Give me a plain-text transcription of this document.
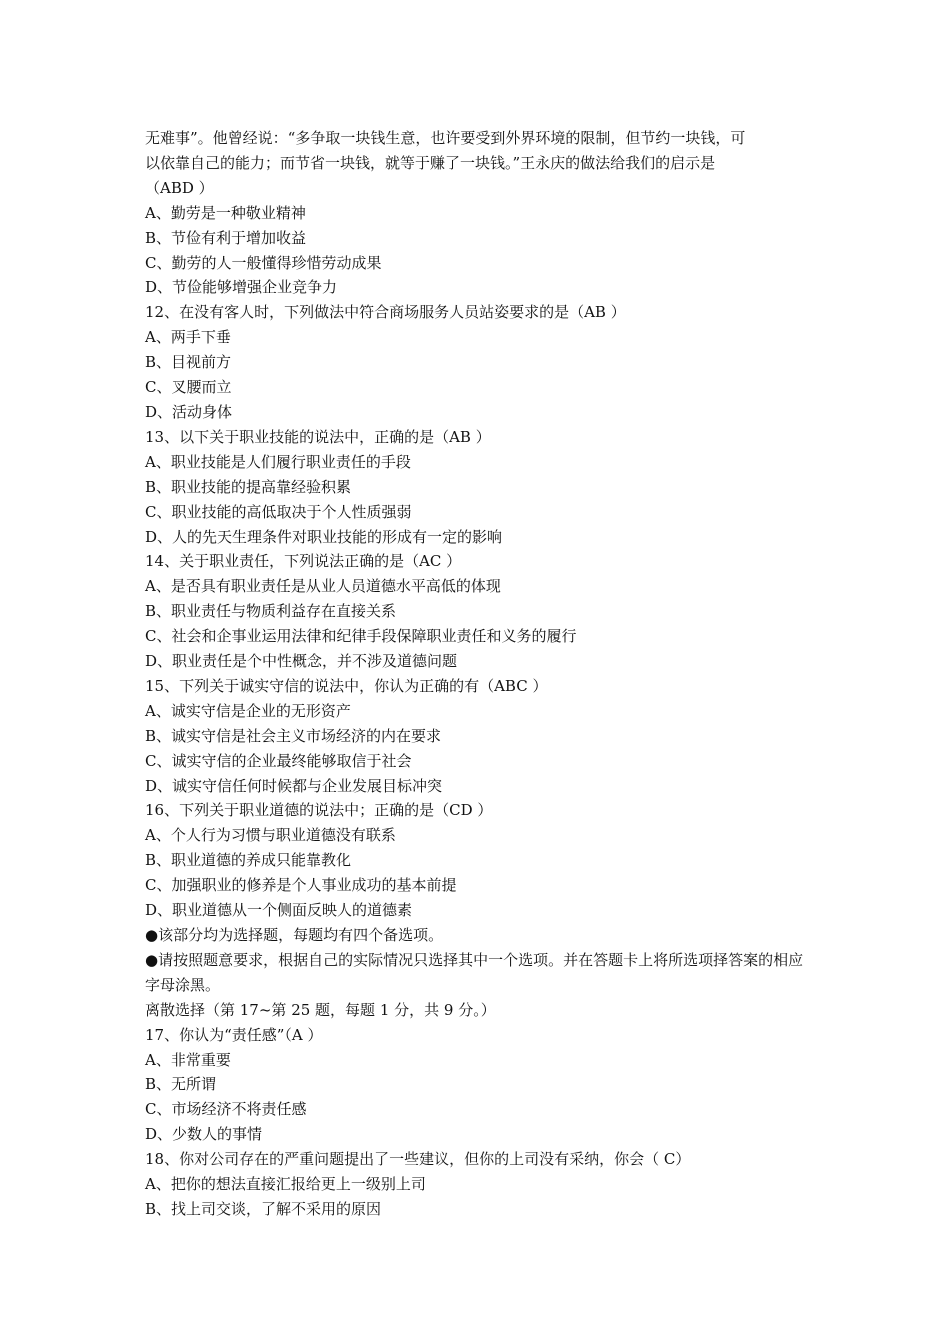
无难事”。他曾经说：“多争取一块钱生意，也许要受到外界环境的限制，但节约一块钱，可
以依靠自己的能力；而节省一块钱，就等于赚了一块钱。”王永庆的做法给我们的启示是
（ABD ）
A、勤劳是一种敬业精神
B、节俭有利于增加收益
C、勤劳的人一般懂得珍惜劳动成果
D、节俭能够增强企业竞争力
12、在没有客人时，下列做法中符合商场服务人员站姿要求的是（AB ）
A、两手下垂
B、目视前方
C、叉腰而立
D、活动身体
13、以下关于职业技能的说法中，正确的是（AB ）
A、职业技能是人们履行职业责任的手段
B、职业技能的提高靠经验积累
C、职业技能的高低取决于个人性质强弱
D、人的先天生理条件对职业技能的形成有一定的影响
14、关于职业责任，下列说法正确的是（AC ）
A、是否具有职业责任是从业人员道德水平高低的体现
B、职业责任与物质利益存在直接关系
C、社会和企事业运用法律和纪律手段保障职业责任和义务的履行
D、职业责任是个中性概念，并不涉及道德问题
15、下列关于诚实守信的说法中，你认为正确的有（ABC ）
A、诚实守信是企业的无形资产
B、诚实守信是社会主义市场经济的内在要求
C、诚实守信的企业最终能够取信于社会
D、诚实守信任何时候都与企业发展目标冲突
16、下列关于职业道德的说法中；正确的是（CD ）
A、个人行为习惯与职业道德没有联系
B、职业道德的养成只能靠教化
C、加强职业的修养是个人事业成功的基本前提
D、职业道德从一个侧面反映人的道德素
●该部分均为选择题，每题均有四个备选项。
●请按照题意要求，根据自己的实际情况只选择其中一个选项。并在答题卡上将所选项择答案的相应字母涂黑。
离散选择（第 17~第 25 题，每题 1 分，共 9 分。）
17、你认为“责任感”（A ）
A、非常重要
B、无所谓
C、市场经济不将责任感
D、少数人的事情
18、你对公司存在的严重问题提出了一些建议，但你的上司没有采纳，你会（ C）
A、把你的想法直接汇报给更上一级别上司
B、找上司交谈，了解不采用的原因
